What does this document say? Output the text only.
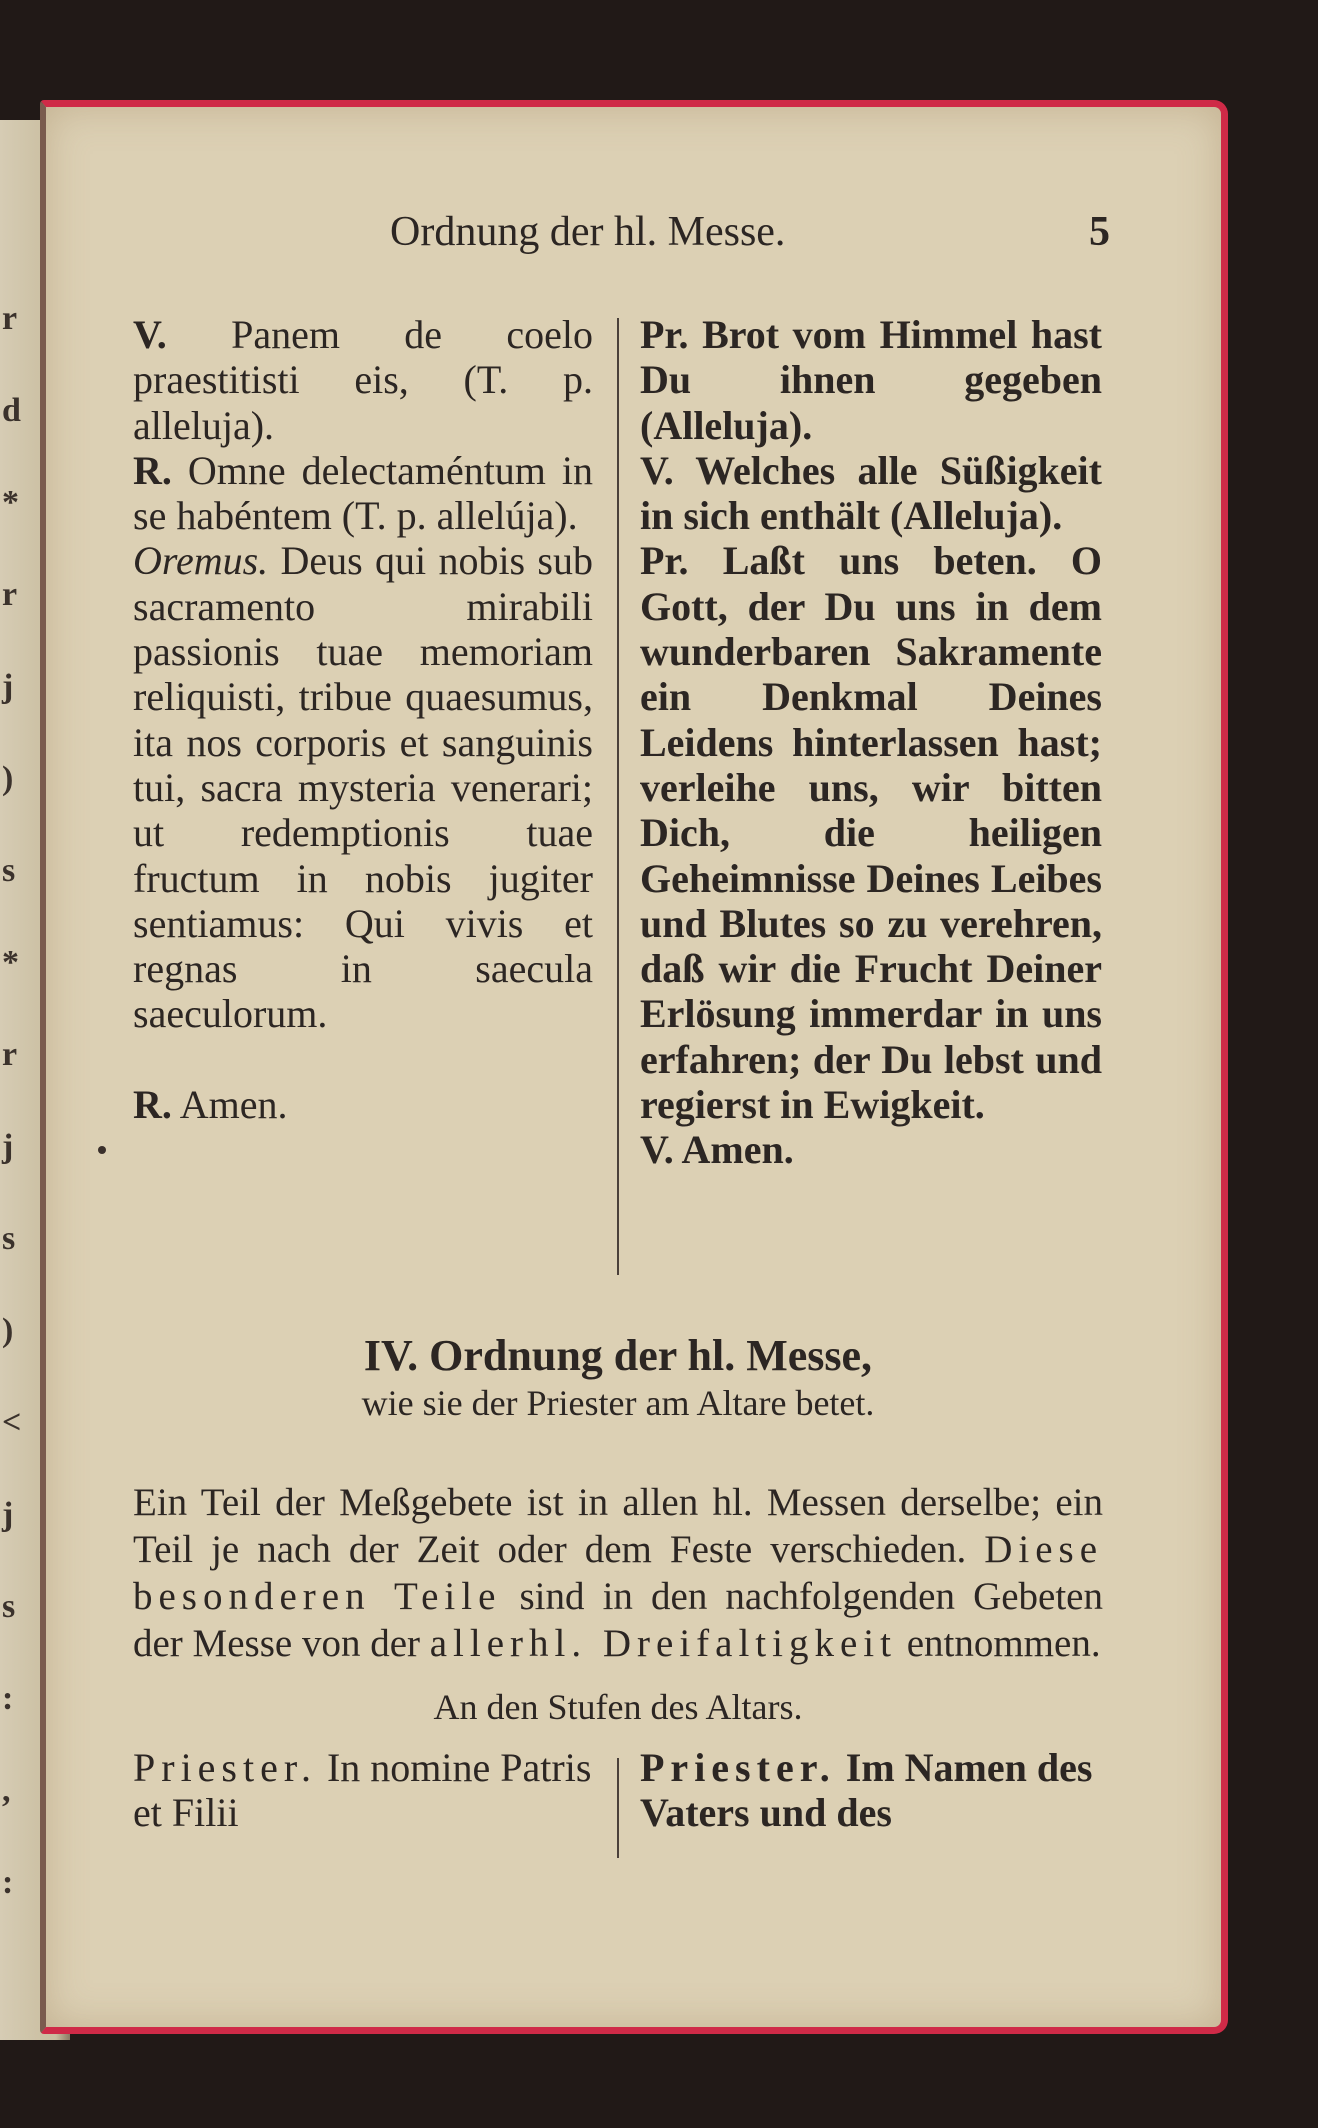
r
d
*
r
j
)
s
*
r
j
s
)
<
j
s
:
,
:
Ordnung der hl. Messe.	5

V. Panem de coelo praestitisti eis, (T. p. alleluja).

R. Omne delectaméntum in se habéntem (T. p. allelúja).

Oremus. Deus qui nobis sub sacramento mirabili passionis tuae memoriam reliquisti, tribue quaesumus, ita nos corporis et sanguinis tui, sacra mysteria venerari; ut redemptionis tuae fructum in nobis jugiter sentiamus: Qui vivis et regnas in saecula saeculorum.

R. Amen.

Pr. Brot vom Himmel hast Du ihnen gegeben (Alleluja).

V. Welches alle Süßigkeit in sich enthält (Alleluja).

Pr. Laßt uns beten. O Gott, der Du uns in dem wunderbaren Sakramente ein Denkmal Deines Leidens hinterlassen hast; verleihe uns, wir bitten Dich, die heiligen Geheimnisse Deines Leibes und Blutes so zu verehren, daß wir die Frucht Deiner Erlösung immerdar in uns erfahren; der Du lebst und regierst in Ewigkeit.

V. Amen.

IV. Ordnung der hl. Messe,
wie sie der Priester am Altare betet.

Ein Teil der Meßgebete ist in allen hl. Messen derselbe; ein Teil je nach der Zeit oder dem Feste verschieden. Diese besonderen Teile sind in den nachfolgenden Gebeten der Messe von der allerhl. Dreifaltigkeit entnommen.

An den Stufen des Altars.
Priester. In nomine Patris et Filii
Priester. Im Namen des Vaters und des
